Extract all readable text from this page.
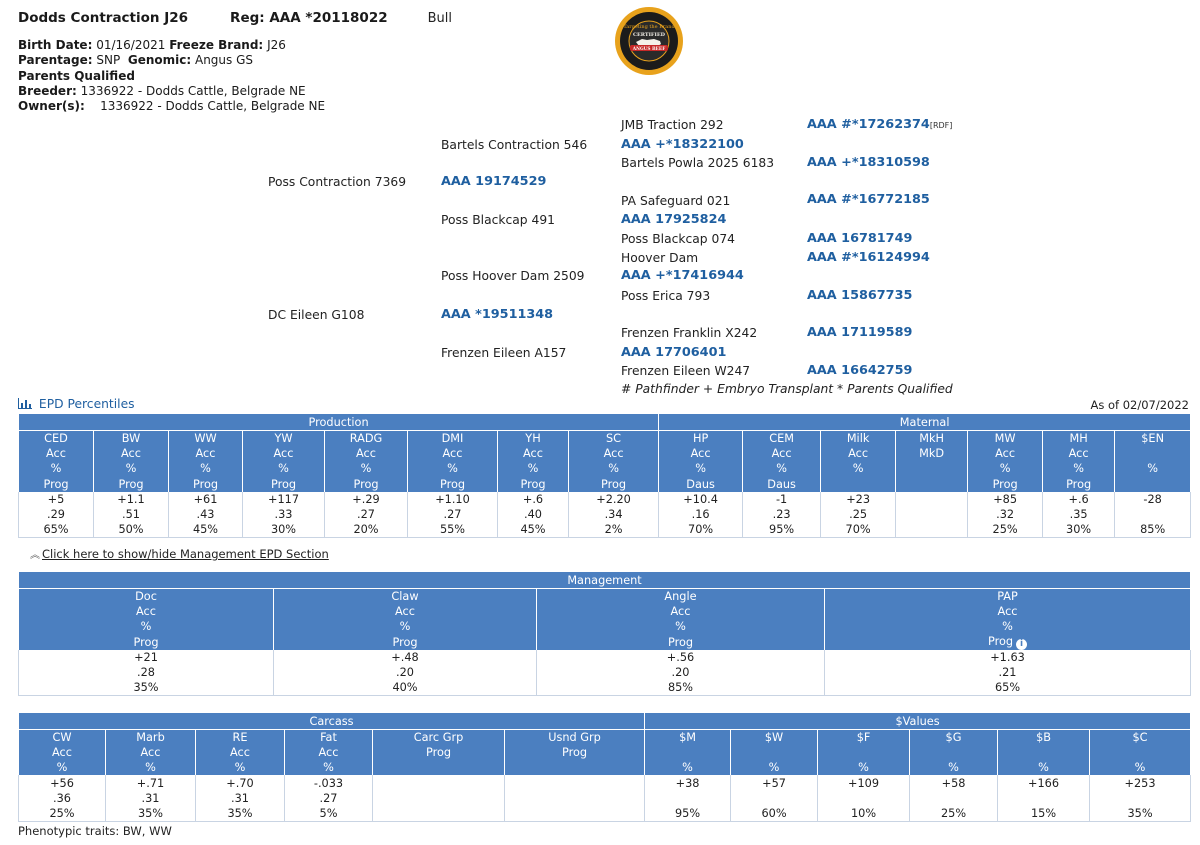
Dodds Contraction J26	Reg: AAA *20118022	Bull
Birth Date: 01/16/2021 Freeze Brand: J26
Parentage: SNP Genomic: Angus GS
Parents Qualified
Breeder: 1336922 - Dodds Cattle, Belgrade NE
Owner(s): 1336922 - Dodds Cattle, Belgrade NE
Targeting the Brand
CERTIFIED
ANGUS BEEF
Poss Contraction 7369	AAA 19174529
DC Eileen G108	AAA *19511348
Bartels Contraction 546	AAA +*18322100
Poss Blackcap 491	AAA 17925824
Poss Hoover Dam 2509	AAA +*17416944
Frenzen Eileen A157	AAA 17706401
JMB Traction 292	AAA #*17262374[RDF]
Bartels Powla 2025 6183	AAA +*18310598
PA Safeguard 021	AAA #*16772185
Poss Blackcap 074	AAA 16781749
Hoover Dam	AAA #*16124994
Poss Erica 793	AAA 15867735
Frenzen Franklin X242	AAA 17119589
Frenzen Eileen W247	AAA 16642759
# Pathfinder + Embryo Transplant * Parents Qualified
EPD Percentiles	As of 02/07/2022
Production								Maternal						
CED	BW	WW	YW	RADG	DMI	YH	SC	HP	CEM	Milk	MkH	MW	MH	$EN
Acc	Acc	Acc	Acc	Acc	Acc	Acc	Acc	Acc	Acc	Acc	MkD	Acc	Acc	
%	%	%	%	%	%	%	%	%	%	%		%	%	%
Prog	Prog	Prog	Prog	Prog	Prog	Prog	Prog	Daus	Daus			Prog	Prog	
+5	+1.1	+61	+117	+.29	+1.10	+.6	+2.20	+10.4	-1	+23		+85	+.6	-28
.29	.51	.43	.33	.27	.27	.40	.34	.16	.23	.25		.32	.35	
65%	50%	45%	30%	20%	55%	45%	2%	70%	95%	70%		25%	30%	85%
︽ Click here to show/hide Management EPD Section
Management			
Doc	Claw	Angle	PAP
Acc	Acc	Acc	Acc
%	%	%	%
Prog	Prog	Prog	Prog i
+21	+.48	+.56	+1.63
.28	.20	.20	.21
35%	40%	85%	65%
Carcass						$Values					
CW	Marb	RE	Fat	Carc Grp	Usnd Grp	$M	$W	$F	$G	$B	$C
Acc	Acc	Acc	Acc	Prog	Prog						
%	%	%	%			%	%	%	%	%	%
+56	+.71	+.70	-.033			+38	+57	+109	+58	+166	+253
.36	.31	.31	.27								
25%	35%	35%	5%			95%	60%	10%	25%	15%	35%
Phenotypic traits: BW, WW
